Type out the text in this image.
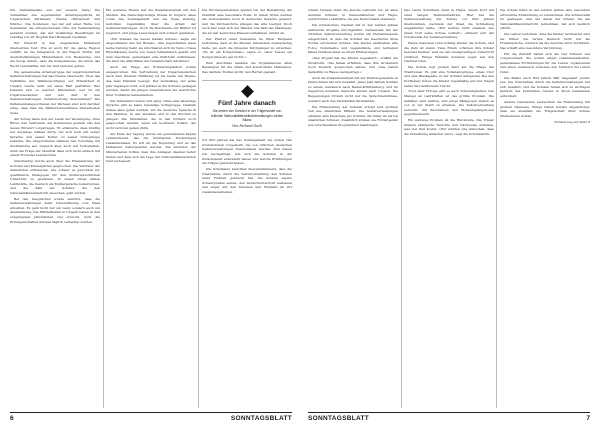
Die Teilnahmeliste war auf unserer Seite: Die Teilnehmer des sogenannten Arbeitsgesprächs im Ungarischen Parlament, Thema »Ehrenwert und Würde«. Die Konferenz, bei der auf einer Reihe von Seminaren die entsprechenden Orte der Veranstaltung genannt wurden, hat der zuständige Beauftragte im Landtag von Dr. Bogdan Karl Budapest bestätigt.

Wir Einsicht in den ungarischen Parlament übersetzten Text: Wie er auch für die ganze Region zutrifft, ist die Integration in der Region Dörfer mit deutschstämmigen Minderheiten von Bedeutung, und die Sorge darum, dass die Kompetenzen, die ihnen das Recht verschaffen, mit der Zeit verloren gehen.

Die gemeinsame Arbeitsgruppe der ungarndeutschen Selbstverwaltungen hat das Thema untersucht. Über das Verhältnis der Wahlberechtigten zur Minderheit in Ungarn wurde nicht um einen Fakt gestritten. Wer bekennt sich zu welcher Minderheit, wer ist ein Ungarndeutscher, und wer darf in den Selbstverwaltungen Verantwortung übernehmen? Die Parlamentsabgeordneten der Parteien sind sich darüber einig, dass man die Wählerverzeichnisse überarbeiten muss.

Am Vortag hatte sich der Leiter der Vereinigung, Imre Ritter, den Vertretern der Kommunen gestellt und den neuen Entwurf vorgetragen. Er erläuterte, dass künftig nur derjenige wählen dürfe, der sich auch mit seiner Sprache und seiner Kultur zu seiner Volksgruppe bekenne. Die Abgeordneten nahmen den Vorschlag mit Zustimmung auf, zugleich aber auch mit Vorbehalten, denn die Frage der Identität lässt sich nicht einfach mit einem Formular beantworten.

Gleichzeitig wurde auch über die Finanzierung der Schulen und Kindergärten gesprochen. Die Vertreter der Gemeinden schilderten, wie schwer es geworden ist, qualifizierte Pädagogen für den muttersprachlichen Unterricht zu gewinnen. In vielen Orten fehlen Lehrkräfte, die Deutsch als Muttersprache beherrschen, und die Zahl der Schüler, die den Nationalitätenunterricht besuchen, geht zurück.

Bei den Gesprächen wurde deutlich, dass die Selbstverwaltungen mehr Unterstützung vom Staat erwarten. Es geht nicht nur um Geld, sondern auch um Anerkennung. Die Minderheiten in Ungarn haben in den vergangenen Jahrzehnten viel erreicht, doch die Errungenschaften müssen täglich verteidigt werden.

Ein weiteres Thema war die Zusammenarbeit mit den Medien. Die deutschsprachige Presse in Ungarn, allen voran das Sonntagsblatt und die Neue Zeitung, berichten regelmäßig über die Arbeit der Selbstverwaltungen. Doch die Reichweite der Blätter ist begrenzt, und junge Leser lassen sich schwer gewinnen.

»Wir müssen die neuen Kanäle nutzen«, sagte ein Abgeordneter aus der Branau. »Die Jugendlichen lesen keine Zeitung mehr, sie informieren sich im Netz.« Diese Einschätzung wurde von vielen Teilnehmern geteilt, und man beschloss, gemeinsam eine Plattform aufzubauen, die über die Aktivitäten der Gemeinschaft informiert.

Auch die Frage der Erinnerungskultur wurde angesprochen. Die Vertreibung der Ungarndeutschen nach dem Zweiten Weltkrieg ist bis heute ein Thema, das viele Familien bewegt. Der Gedenktag, der jedes Jahr begangen wird, soll stärker in die Schulen getragen werden, damit die jungen Generationen die Geschichte ihrer Vorfahren kennenlernen.

Die Teilnehmer waren sich einig: Ohne eine lebendige Sprache gibt es keine lebendige Volksgruppe. Deshalb müsse alles getan werden, um die deutsche Sprache in den Familien, in den Vereinen und in den Kirchen zu pflegen. Die Mundarten, die in den Dörfern noch gesprochen werden, seien ein kostbarer Schatz, der nicht verloren gehen dürfe.

Am Ende der Tagung wurde ein gemeinsames Papier verabschiedet, das die wichtigsten Forderungen zusammenfasst. Es soll an die Regierung und an das Parlament weitergeleitet werden. Die Vertreter der Minderheiten hoffen, dass ihre Anliegen diesmal Gehör finden und dass sich die Lage der Nationalitätenschulen bald verbessert.

Die Kirchengemeinden spielen bei der Bewahrung der Identität eine besondere Rolle. In vielen Orten werden die Gottesdienste noch in deutscher Sprache gefeiert, und die Kirchenchöre pflegen das alte Liedgut. Doch auch hier zeigt sich der Wandel: Die Zahl der Gläubigen, die an den deutschen Messen teilnehmen, nimmt ab.

Der Pfarrer einer Gemeinde im Ofner Bergland berichtete, dass er die Messen inzwischen zweisprachig halte, um auch die jüngeren Kirchgänger zu erreichen. »Es ist ein Kompromiss«, sagte er, »aber besser ein Kompromiss als gar nichts.«

Zum Abschluss dankten die Organisatoren allen Beteiligten für die offene und konstruktive Diskussion. Das nächste Treffen ist für den Herbst geplant.

Fünf Jahre danach
Die ersten vier Schulen in der Trägerschaft von örtlichen Nationalitätenselbstverwaltungen ziehen Bilanz
Von Richard Guth

Vor fünf Jahren hat das Sonntagsblatt die ersten vier Grundschulen vorgestellt, die von örtlichen deutschen Selbstverwaltungen übernommen wurden. Nun haben wir nachgefragt, wie sich die Schulen in der Zwischenzeit entwickelt haben und welche Erfahrungen die Träger gemacht haben.

Die Schulleiter berichten übereinstimmend, dass die Übernahme durch die Selbstverwaltung den Schulen mehr Freiheit gebracht hat. Sie können eigene Schwerpunkte setzen, den Deutschunterricht ausbauen und enger mit den Vereinen und Familien im Ort zusammenarbeiten.

6	SONNTAGSBLATT

schaut Nevada steht die gleiche Lehrerin vor, an allen anderen Schulen, in Nemesnádudvar und Hajós, unterrichten Lehrkräfte, die aus Deutschland stammen.

Die Grundschule Nadwar hat in den letzten Jahren zahlreiche Projekte durchgeführt. Gemeinsam mit der örtlichen Selbstverwaltung wurde ein Heimatmuseum eingerichtet, in dem die Schüler die Geschichte ihres Dorfes erforschen können. Die Kinder sammelten alte Fotos, Dokumente und Gegenstände und befragten ältere Dorfbewohner zu ihren Erinnerungen.

»Das Projekt hat die Kinder begeistert«, erzählt die Direktorin. »Sie haben erfahren, dass ihre Großeltern noch Deutsch gesprochen haben, und viele haben daraufhin zu Hause nachgefragt.«

Auch die Zusammenarbeit mit der Partnergemeinde in Deutschland hat sich bewährt. Jedes Jahr fahren Schüler zu einem Austausch nach Baden-Württemberg, und im Gegenzug kommen deutsche Kinder nach Ungarn. Die Begegnungen fördern nicht nur die Sprachkenntnisse, sondern auch das Verständnis füreinander.

Die Finanzierung der Schulen erfolgt zum größten Teil aus staatlichen Mitteln. Die Selbstverwaltungen erhalten eine Pauschale pro Schüler, die höher ist als bei staatlichen Schulen. Zusätzlich können sie Fördergelder aus verschiedenen Programmen beantragen.

Das vierte Schulhaus steht in Hajós, einem Dorf mit einer langen Weinbautradition. Hier hat die Selbstverwaltung die Schule vor fünf Jahren übernommen, nachdem der Staat die Schließung angekündigt hatte. »Wir wollten nicht zusehen, wie unser Dorf seine Schule verliert«, erinnert sich der Vorsitzende der Selbstverwaltung.

Heute besuchen rund achtzig Kinder die Schule, und die Zahl ist stabil. Viele Eltern schicken ihre Kinder bewusst hierher, weil sie den zweisprachigen Unterricht schätzen. Einige Familien kommen sogar aus den Nachbarorten.

Die Schule legt großen Wert auf die Pflege der Traditionen. Es gibt eine Volkstanzgruppe, einen Chor und eine Blaskapelle, in der Schüler mitspielen. Bei den Dorffesten treten die Kinder regelmäßig auf und tragen dabei die traditionelle Tracht.

Trotz aller Erfolge gibt es auch Schwierigkeiten. Der Mangel an Lehrkräften ist das größte Problem. Die Gehälter sind niedrig, und junge Pädagogen ziehen es vor, in der Stadt zu arbeiten. Die Selbstverwaltung versucht, mit Zuschüssen und Wohnungsangeboten gegenzusteuern.

Ein weiteres Problem ist die Bürokratie. Die Träger müssen zahlreiche Berichte und Nachweise erstellen, was viel Zeit kostet. »Wir würden uns wünschen, dass die Verwaltung einfacher wird«, sagt die Schulleiterin.

Die Schule hatte in den letzten Jahren eine besonders erfreuliche Entwicklung zu verzeichnen. Die Schülerzahl ist gestiegen, und der Anteil der Kinder, die am Nationalitätenunterricht teilnehmen, hat sich deutlich erhöht.

Die Lehrer berichten, dass die Kinder motivierter sind als früher. Sie lernen Deutsch nicht nur als Fremdsprache, sondern als die Sprache ihrer Vorfahren. Das schafft eine besondere Verbindung.

Für die Zukunft haben sich die vier Schulen viel vorgenommen. Sie wollen enger zusammenarbeiten, gemeinsame Fortbildungen für die Lehrer organisieren und einen Austausch zwischen den Schülern ins Leben rufen.

Die Bilanz nach fünf Jahren fällt insgesamt positiv aus. Die Übernahme durch die Selbstverwaltungen hat sich bewährt, und die Schulen haben sich zu wichtigen Zentren des kulturellen Lebens in ihren Gemeinden entwickelt.

Andere Gemeinden beobachten die Entwicklung mit großem Interesse. Einige haben bereits angekündigt, dass sie ebenfalls die Trägerschaft ihrer Schule übernehmen wollen.

Fortsetzung auf Seite 8

SONNTAGSBLATT	7
